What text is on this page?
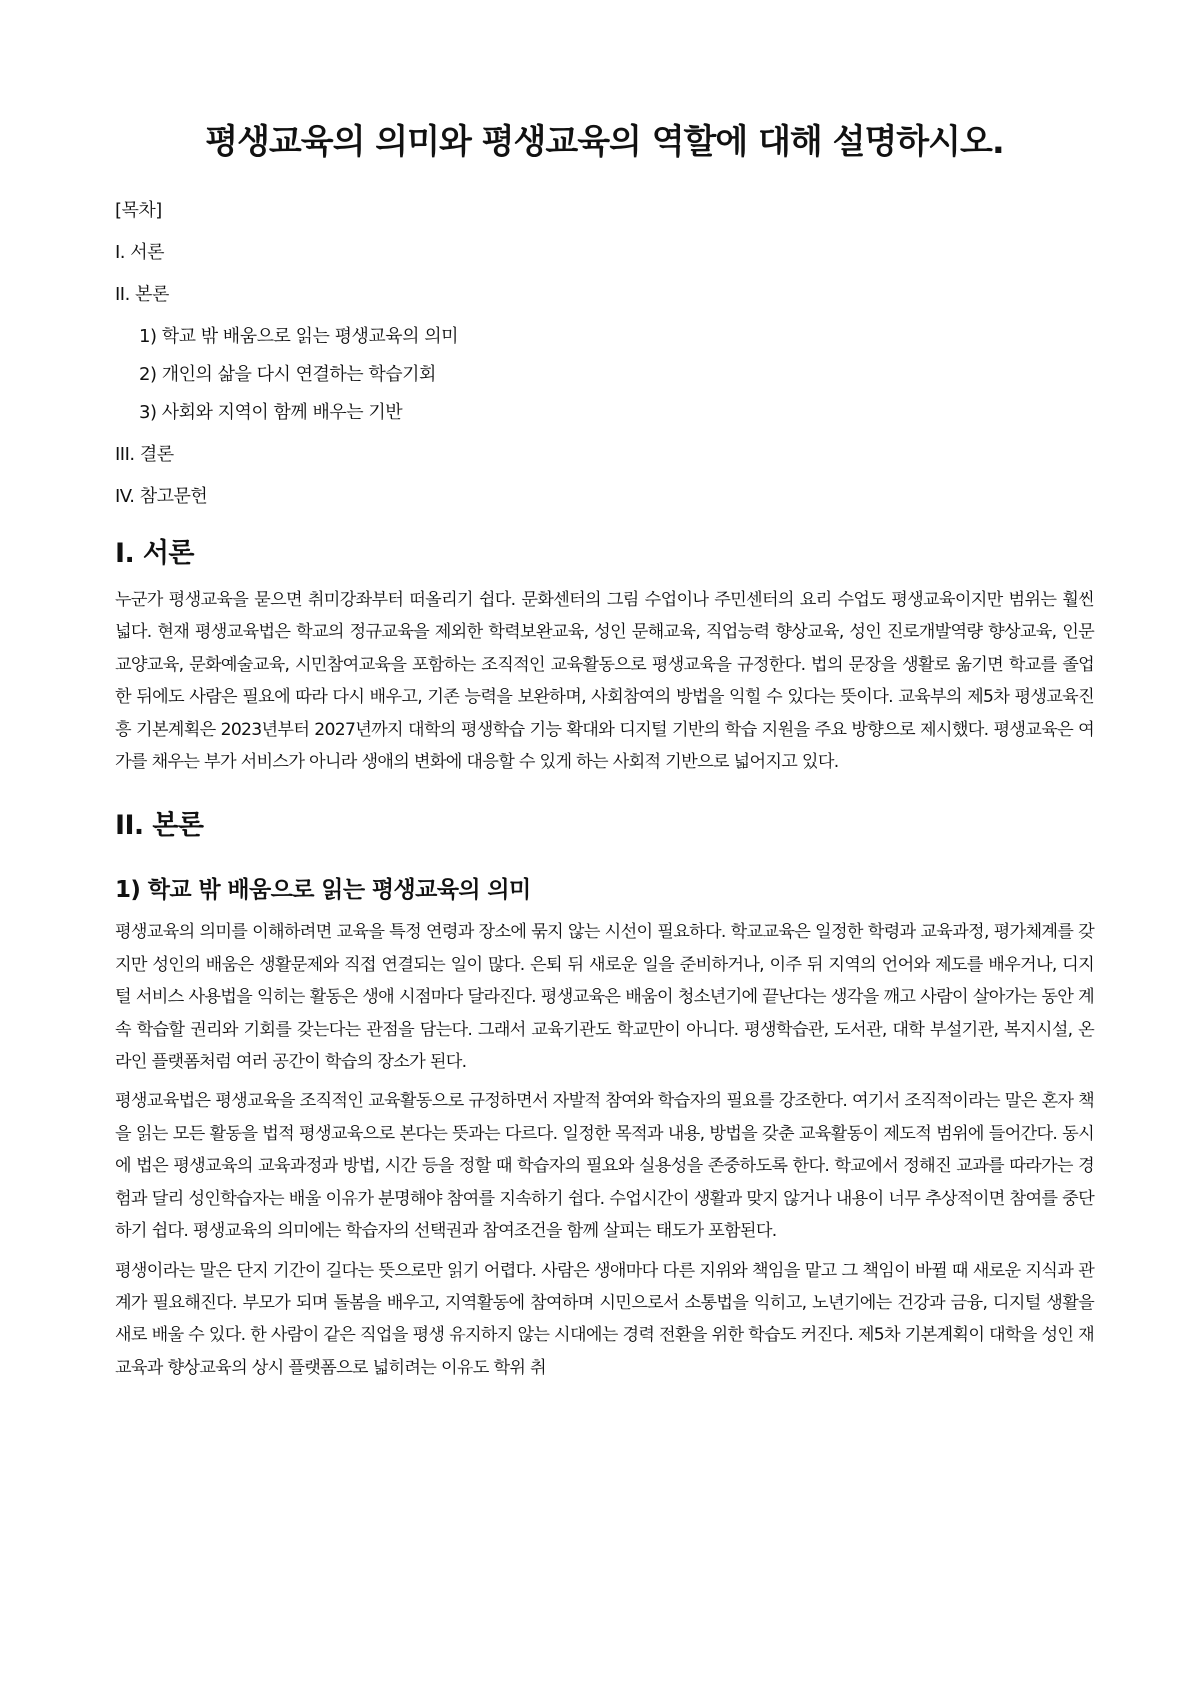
평생교육의 의미와 평생교육의 역할에 대해 설명하시오.
[목차]
I. 서론
II. 본론
1) 학교 밖 배움으로 읽는 평생교육의 의미
2) 개인의 삶을 다시 연결하는 학습기회
3) 사회와 지역이 함께 배우는 기반
III. 결론
IV. 참고문헌
I. 서론

누군가 평생교육을 묻으면 취미강좌부터 떠올리기 쉽다. 문화센터의 그림 수업이나 주민센터의 요리 수업도 평생교육이지만 범위는 훨씬 넓다. 현재 평생교육법은 학교의 정규교육을 제외한 학력보완교육, 성인 문해교육, 직업능력 향상교육, 성인 진로개발역량 향상교육, 인문교양교육, 문화예술교육, 시민참여교육을 포함하는 조직적인 교육활동으로 평생교육을 규정한다. 법의 문장을 생활로 옮기면 학교를 졸업한 뒤에도 사람은 필요에 따라 다시 배우고, 기존 능력을 보완하며, 사회참여의 방법을 익힐 수 있다는 뜻이다. 교육부의 제5차 평생교육진흥 기본계획은 2023년부터 2027년까지 대학의 평생학습 기능 확대와 디지털 기반의 학습 지원을 주요 방향으로 제시했다. 평생교육은 여가를 채우는 부가 서비스가 아니라 생애의 변화에 대응할 수 있게 하는 사회적 기반으로 넓어지고 있다.

II. 본론
1) 학교 밖 배움으로 읽는 평생교육의 의미

평생교육의 의미를 이해하려면 교육을 특정 연령과 장소에 묶지 않는 시선이 필요하다. 학교교육은 일정한 학령과 교육과정, 평가체계를 갖지만 성인의 배움은 생활문제와 직접 연결되는 일이 많다. 은퇴 뒤 새로운 일을 준비하거나, 이주 뒤 지역의 언어와 제도를 배우거나, 디지털 서비스 사용법을 익히는 활동은 생애 시점마다 달라진다. 평생교육은 배움이 청소년기에 끝난다는 생각을 깨고 사람이 살아가는 동안 계속 학습할 권리와 기회를 갖는다는 관점을 담는다. 그래서 교육기관도 학교만이 아니다. 평생학습관, 도서관, 대학 부설기관, 복지시설, 온라인 플랫폼처럼 여러 공간이 학습의 장소가 된다.

평생교육법은 평생교육을 조직적인 교육활동으로 규정하면서 자발적 참여와 학습자의 필요를 강조한다. 여기서 조직적이라는 말은 혼자 책을 읽는 모든 활동을 법적 평생교육으로 본다는 뜻과는 다르다. 일정한 목적과 내용, 방법을 갖춘 교육활동이 제도적 범위에 들어간다. 동시에 법은 평생교육의 교육과정과 방법, 시간 등을 정할 때 학습자의 필요와 실용성을 존중하도록 한다. 학교에서 정해진 교과를 따라가는 경험과 달리 성인학습자는 배울 이유가 분명해야 참여를 지속하기 쉽다. 수업시간이 생활과 맞지 않거나 내용이 너무 추상적이면 참여를 중단하기 쉽다. 평생교육의 의미에는 학습자의 선택권과 참여조건을 함께 살피는 태도가 포함된다.

평생이라는 말은 단지 기간이 길다는 뜻으로만 읽기 어렵다. 사람은 생애마다 다른 지위와 책임을 맡고 그 책임이 바뀔 때 새로운 지식과 관계가 필요해진다. 부모가 되며 돌봄을 배우고, 지역활동에 참여하며 시민으로서 소통법을 익히고, 노년기에는 건강과 금융, 디지털 생활을 새로 배울 수 있다. 한 사람이 같은 직업을 평생 유지하지 않는 시대에는 경력 전환을 위한 학습도 커진다. 제5차 기본계획이 대학을 성인 재교육과 향상교육의 상시 플랫폼으로 넓히려는 이유도 학위 취
